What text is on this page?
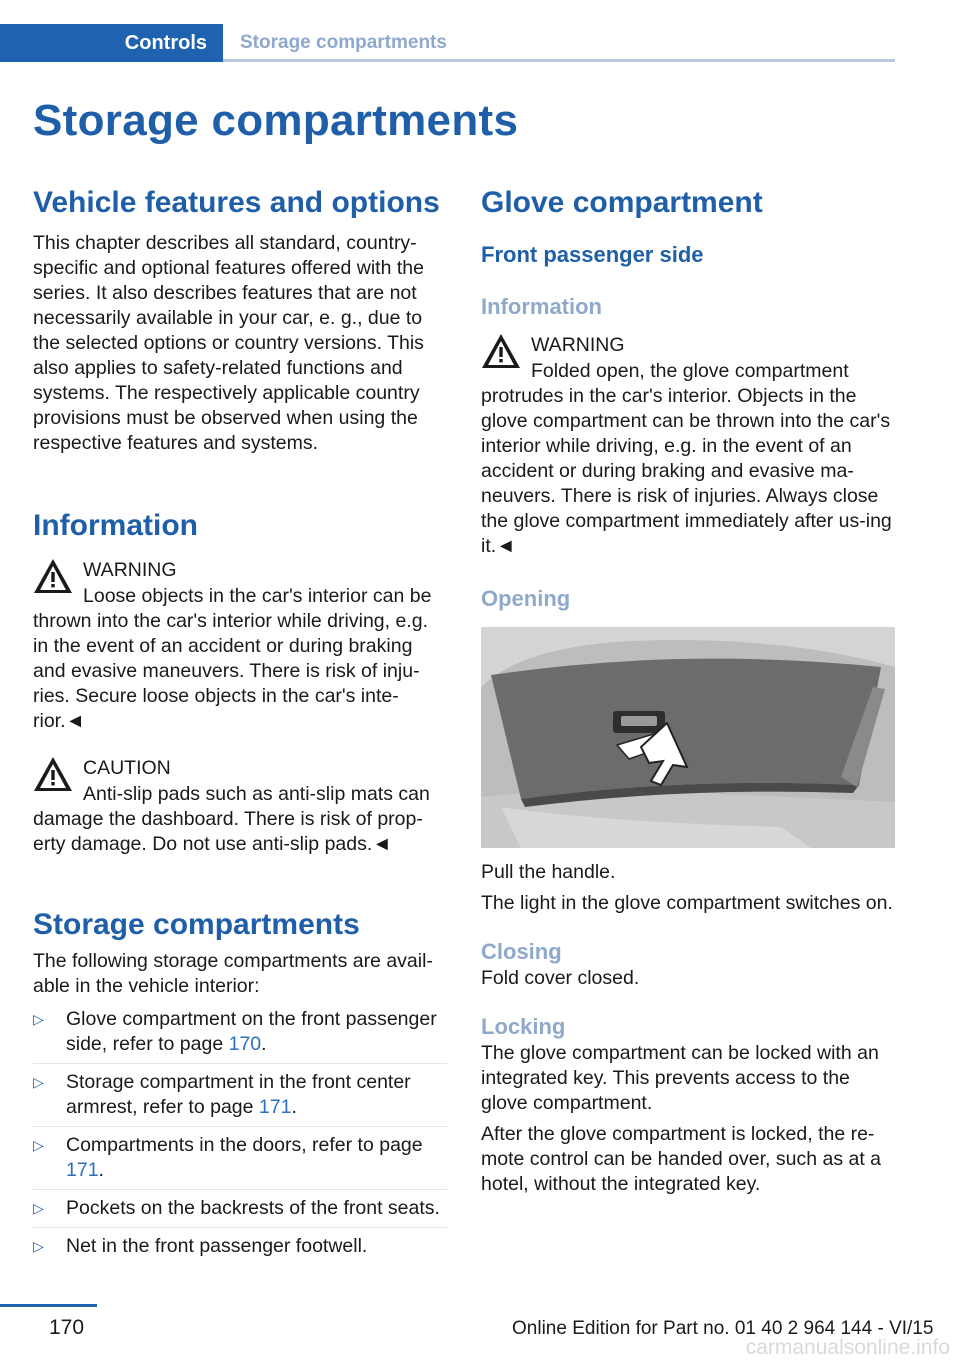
Controls	Storage compartments
Storage compartments
Vehicle features and options

This chapter describes all standard, country-specific and optional features offered with the series. It also describes features that are not necessarily available in your car, e. g., due to the selected options or country versions. This also applies to safety-related functions and systems. The respectively applicable country provisions must be observed when using the respective features and systems.

Information
WARNING

Loose objects in the car's interior can be thrown into the car's interior while driving, e.g. in the event of an accident or during braking and evasive maneuvers. There is risk of inju-ries. Secure loose objects in the car's inte-rior.◄

CAUTION

Anti-slip pads such as anti-slip mats can damage the dashboard. There is risk of prop-erty damage. Do not use anti-slip pads.◄

Storage compartments

The following storage compartments are avail-able in the vehicle interior:

▷ Glove compartment on the front passenger side, refer to page 170.
▷ Storage compartment in the front center armrest, refer to page 171.
▷ Compartments in the doors, refer to page 171.
▷ Pockets on the backrests of the front seats.
▷ Net in the front passenger footwell.
Glove compartment
Front passenger side
Information
WARNING

Folded open, the glove compartment protrudes in the car's interior. Objects in the glove compartment can be thrown into the car's interior while driving, e.g. in the event of an accident or during braking and evasive ma-neuvers. There is risk of injuries. Always close the glove compartment immediately after us-ing it.◄

Opening

Pull the handle.

The light in the glove compartment switches on.

Closing

Fold cover closed.

Locking

The glove compartment can be locked with an integrated key. This prevents access to the glove compartment.

After the glove compartment is locked, the re-mote control can be handed over, such as at a hotel, without the integrated key.

170	Online Edition for Part no. 01 40 2 964 144 - VI/15
carmanualsonline.info
